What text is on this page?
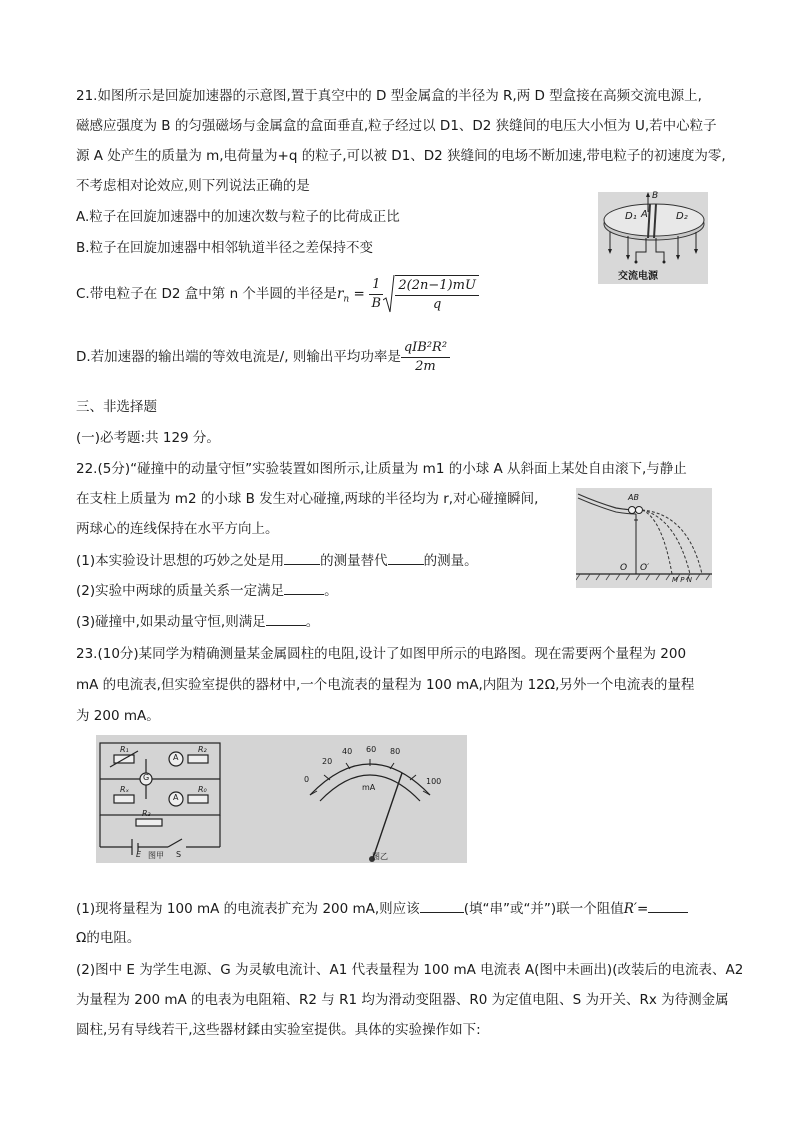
21.如图所示是回旋加速器的示意图,置于真空中的 D 型金属盒的半径为 R,两 D 型盒接在高频交流电源上,
磁感应强度为 B 的匀强磁场与金属盒的盒面垂直,粒子经过以 D1、D2 狭缝间的电压大小恒为 U,若中心粒子
源 A 处产生的质量为 m,电荷量为+q 的粒子,可以被 D1、D2 狭缝间的电场不断加速,带电粒子的初速度为零,
不考虑相对论效应,则下列说法正确的是
A.粒子在回旋加速器中的加速次数与粒子的比荷成正比
B.粒子在回旋加速器中相邻轨道半径之差保持不变
C.带电粒子在 D2 盒中第 n 个半圆的半径是$r_n = \frac{1}{B} \frac{2(2n-1)mU}{q}$
D.若加速器的输出端的等效电流是/, 则输出平均功率是 $\frac{\text{qIB²R²}}{2m}$
B
D₁ A	D₂
交流电源
三、非选择题
(一)必考题:共 129 分。
22.(5分)“碰撞中的动量守恒”实验装置如图所示,让质量为 m1 的小球 A 从斜面上某处自由滚下,与静止
在支柱上质量为 m2 的小球 B 发生对心碰撞,两球的半径均为 r,对心碰撞瞬间,
两球心的连线保持在水平方向上。
(1)本实验设计思想的巧妙之处是用	的测量替代	的测量。
(2)实验中两球的质量关系一定满足	。
(3)碰撞中,如果动量守恒,则满足	。
AB
O O′
M P N
23.(10分)某同学为精确测量某金属圆柱的电阻,设计了如图甲所示的电路图。现在需要两个量程为 200
mA 的电流表,但实验室提供的器材中,一个电流表的量程为 100 mA,内阻为 12Ω,另外一个电流表的量程
为 200 mA。
R₁	R₂
Rₓ	R₀
R₃
G
A
A
E	S
图甲
0
20
40 60 80
100
mA
图乙
(1)现将量程为 100 mA 的电流表扩充为 200 mA,则应该	(填“串”或“并”)联一个阻值R′=
Ω的电阻。
(2)图中 E 为学生电源、G 为灵敏电流计、A1 代表量程为 100 mA 电流表 A(图中未画出)(改装后的电流表、A2
为量程为 200 mA 的电表为电阻箱、R2 与 R1 均为滑动变阻器、R0 为定值电阻、S 为开关、Rx 为待测金属
圆柱,另有导线若干,这些器材鍒由实验室提供。具体的实验操作如下:
